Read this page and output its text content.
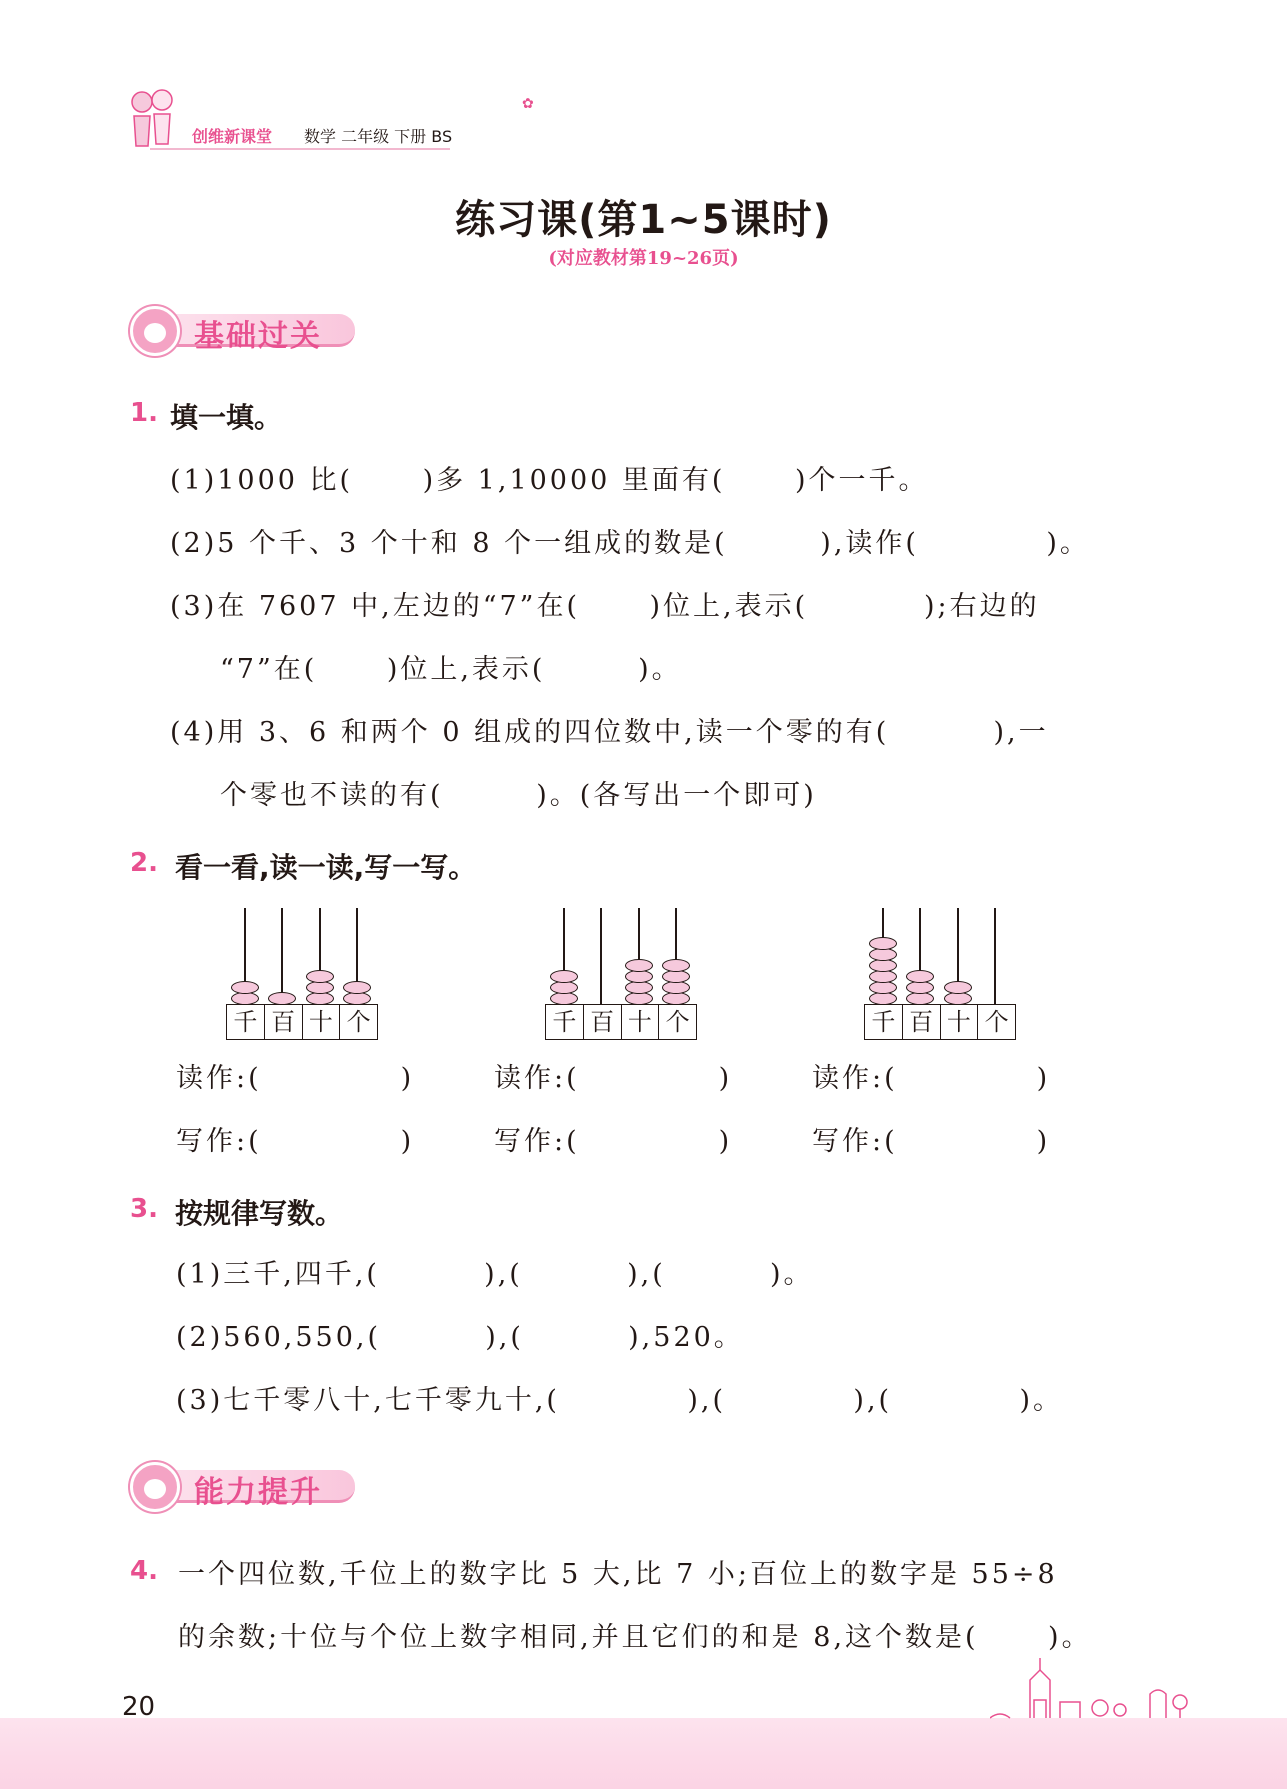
创维新课堂 数学 二年级 下册 BS
✿
练习课(第1~5课时)
(对应教材第19~26页)
基础过关
1. 填一填。
(1)1000 比(      )多 1,10000 里面有(      )个一千。
(2)5 个千、3 个十和 8 个一组成的数是(        ),读作(           )。
(3)在 7607 中,左边的“7”在(      )位上,表示(          );右边的
“7”在(      )位上,表示(        )。
(4)用 3、6 和两个 0 组成的四位数中,读一个零的有(         ),一
个零也不读的有(        )。(各写出一个即可)
2. 看一看,读一读,写一写。
千 百 十 个	千 百 十 个	千 百 十 个
读作:(            )	读作:(            )	读作:(            )
写作:(            )	写作:(            )	写作:(            )
3. 按规律写数。
(1)三千,四千,(         ),(         ),(         )。
(2)560,550,(         ),(         ),520。
(3)七千零八十,七千零九十,(           ),(           ),(           )。
能力提升
4. 一个四位数,千位上的数字比 5 大,比 7 小;百位上的数字是 55÷8
的余数;十位与个位上数字相同,并且它们的和是 8,这个数是(      )。
20
